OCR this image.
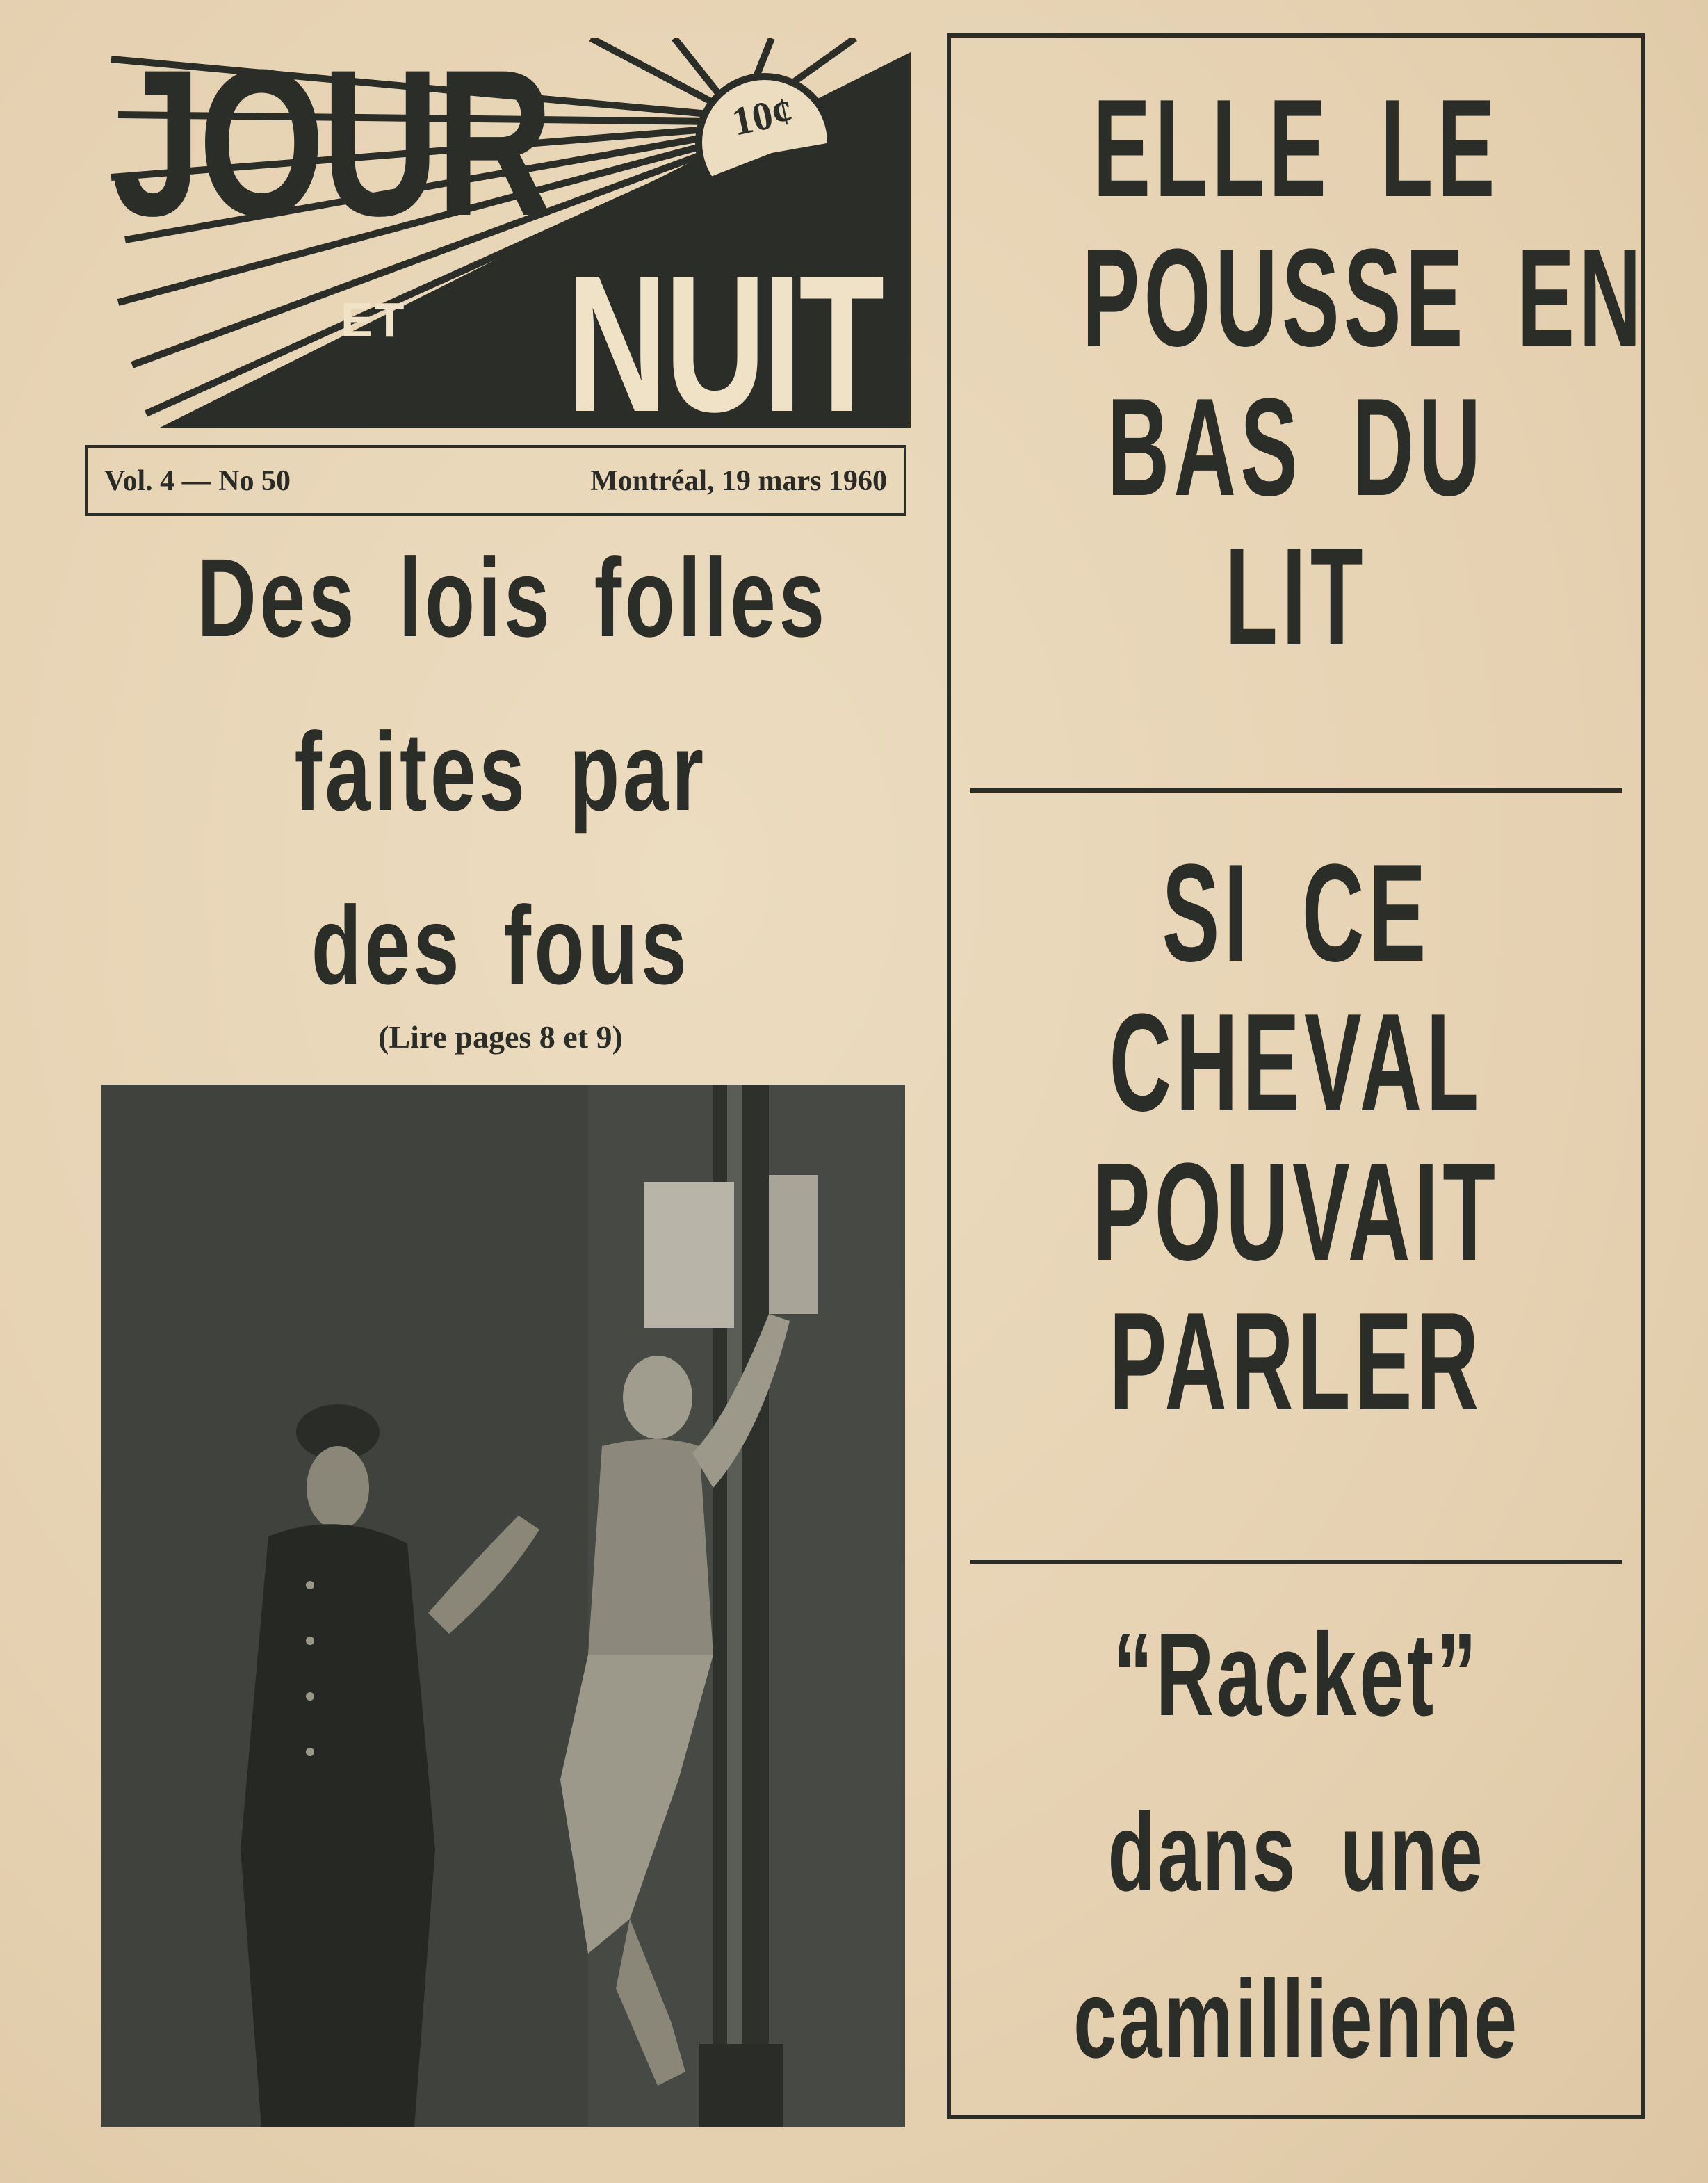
JOUR
ET NUIT
10¢
Vol. 4 — No 50	Montréal, 19 mars 1960
Des lois folles
faites par
des fous
(Lire pages 8 et 9)
ELLE LE
POUSSE EN
BAS DU
LIT
SI CE
CHEVAL
POUVAIT
PARLER
“Racket”
dans une
camillienne
